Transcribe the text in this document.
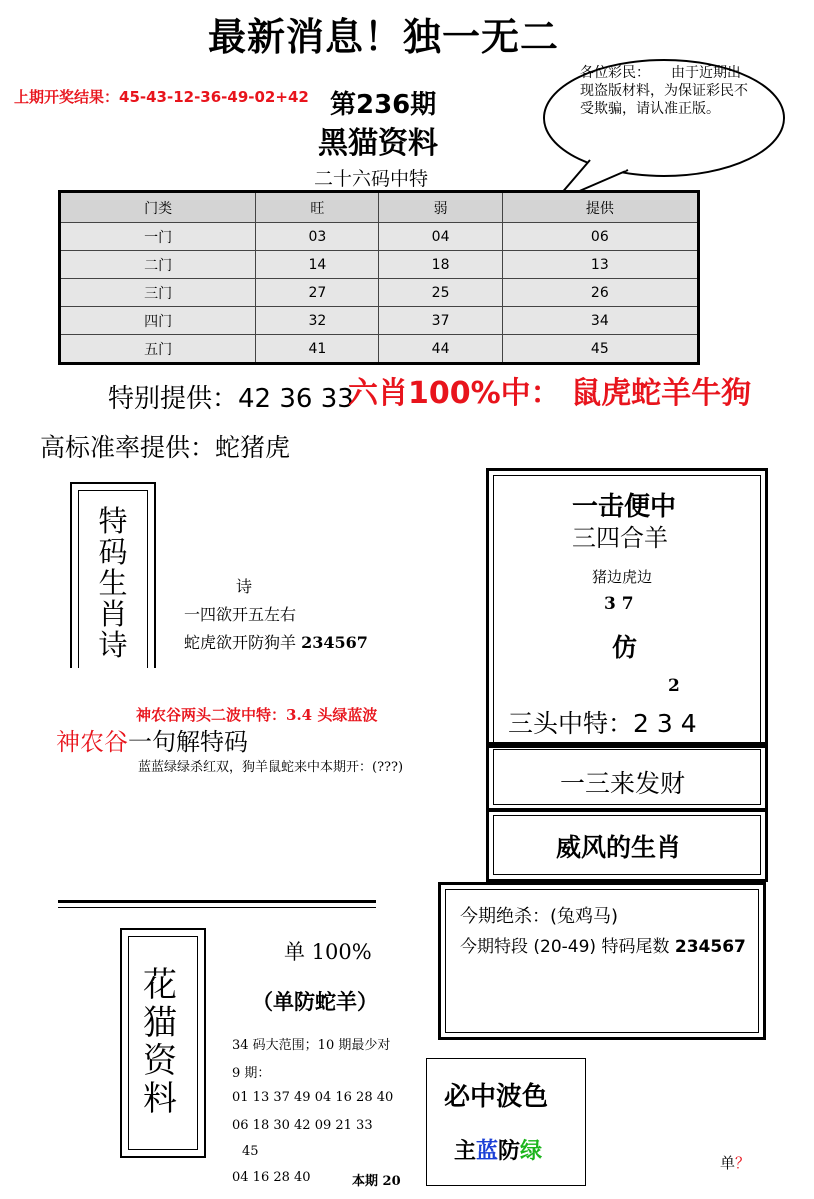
最新消息！独一无二
上期开奖结果：45-43-12-36-49-02+42 第236期
黑猫资料
二十六码中特
各位彩民：　　由于近期出现盗版材料，为保证彩民不受欺骗，请认准正版。
门类	旺	弱	提供
一门	03	04	06
二门	14	18	13
三门	27	25	26
四门	32	37	34
五门	41	44	45
特别提供：42 36 33
六肖100%中： 鼠虎蛇羊牛狗
高标准率提供：蛇猪虎
特码生肖诗
诗
一四欲开五左右
蛇虎欲开防狗羊 234567
神农谷两头二波中特：3.4 头绿蓝波
神农谷 一句解特码
蓝蓝绿绿杀红双，狗羊鼠蛇来中本期开：(???)
一击便中
三四合羊
猪边虎边
3 7
仿
2
三头中特：2 3 4
一三来发财
威风的生肖
今期绝杀：(兔鸡马)
今期特段 (20-49) 特码尾数 234567
花猫资料
单 100%
（单防蛇羊）
34 码大范围；10 期最少对
9 期：
01 13 37 49 04 16 28 40
06 18 30 42 09 21 33
45
04 16 28 40	本期 20
必中波色
主蓝防绿	单？
